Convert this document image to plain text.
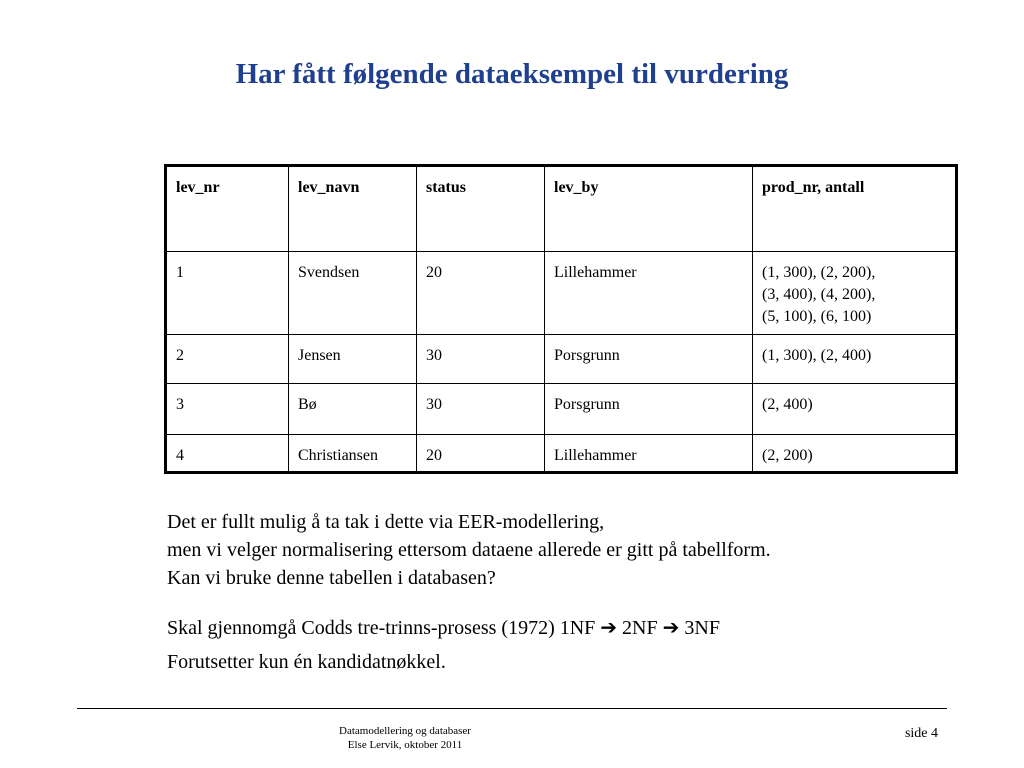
Har fått følgende dataeksempel til vurdering
lev_nr	lev_navn	status	lev_by	prod_nr, antall
1	Svendsen	20	Lillehammer	(1, 300), (2, 200),
(3, 400), (4, 200),
(5, 100), (6, 100)

2	Jensen	30	Porsgrunn	(1, 300), (2, 400)
3	Bø	30	Porsgrunn	(2, 400)
4	Christiansen	20	Lillehammer	(2, 200)

Det er fullt mulig å ta tak i dette via EER-modellering,

men vi velger normalisering ettersom dataene allerede er gitt på tabellform.

Kan vi bruke denne tabellen i databasen?

Skal gjennomgå Codds tre-trinns-prosess (1972) 1NF ➔ 2NF ➔ 3NF

Forutsetter kun én kandidatnøkkel.

Datamodellering og databaser
Else Lervik, oktober 2011
side 4
